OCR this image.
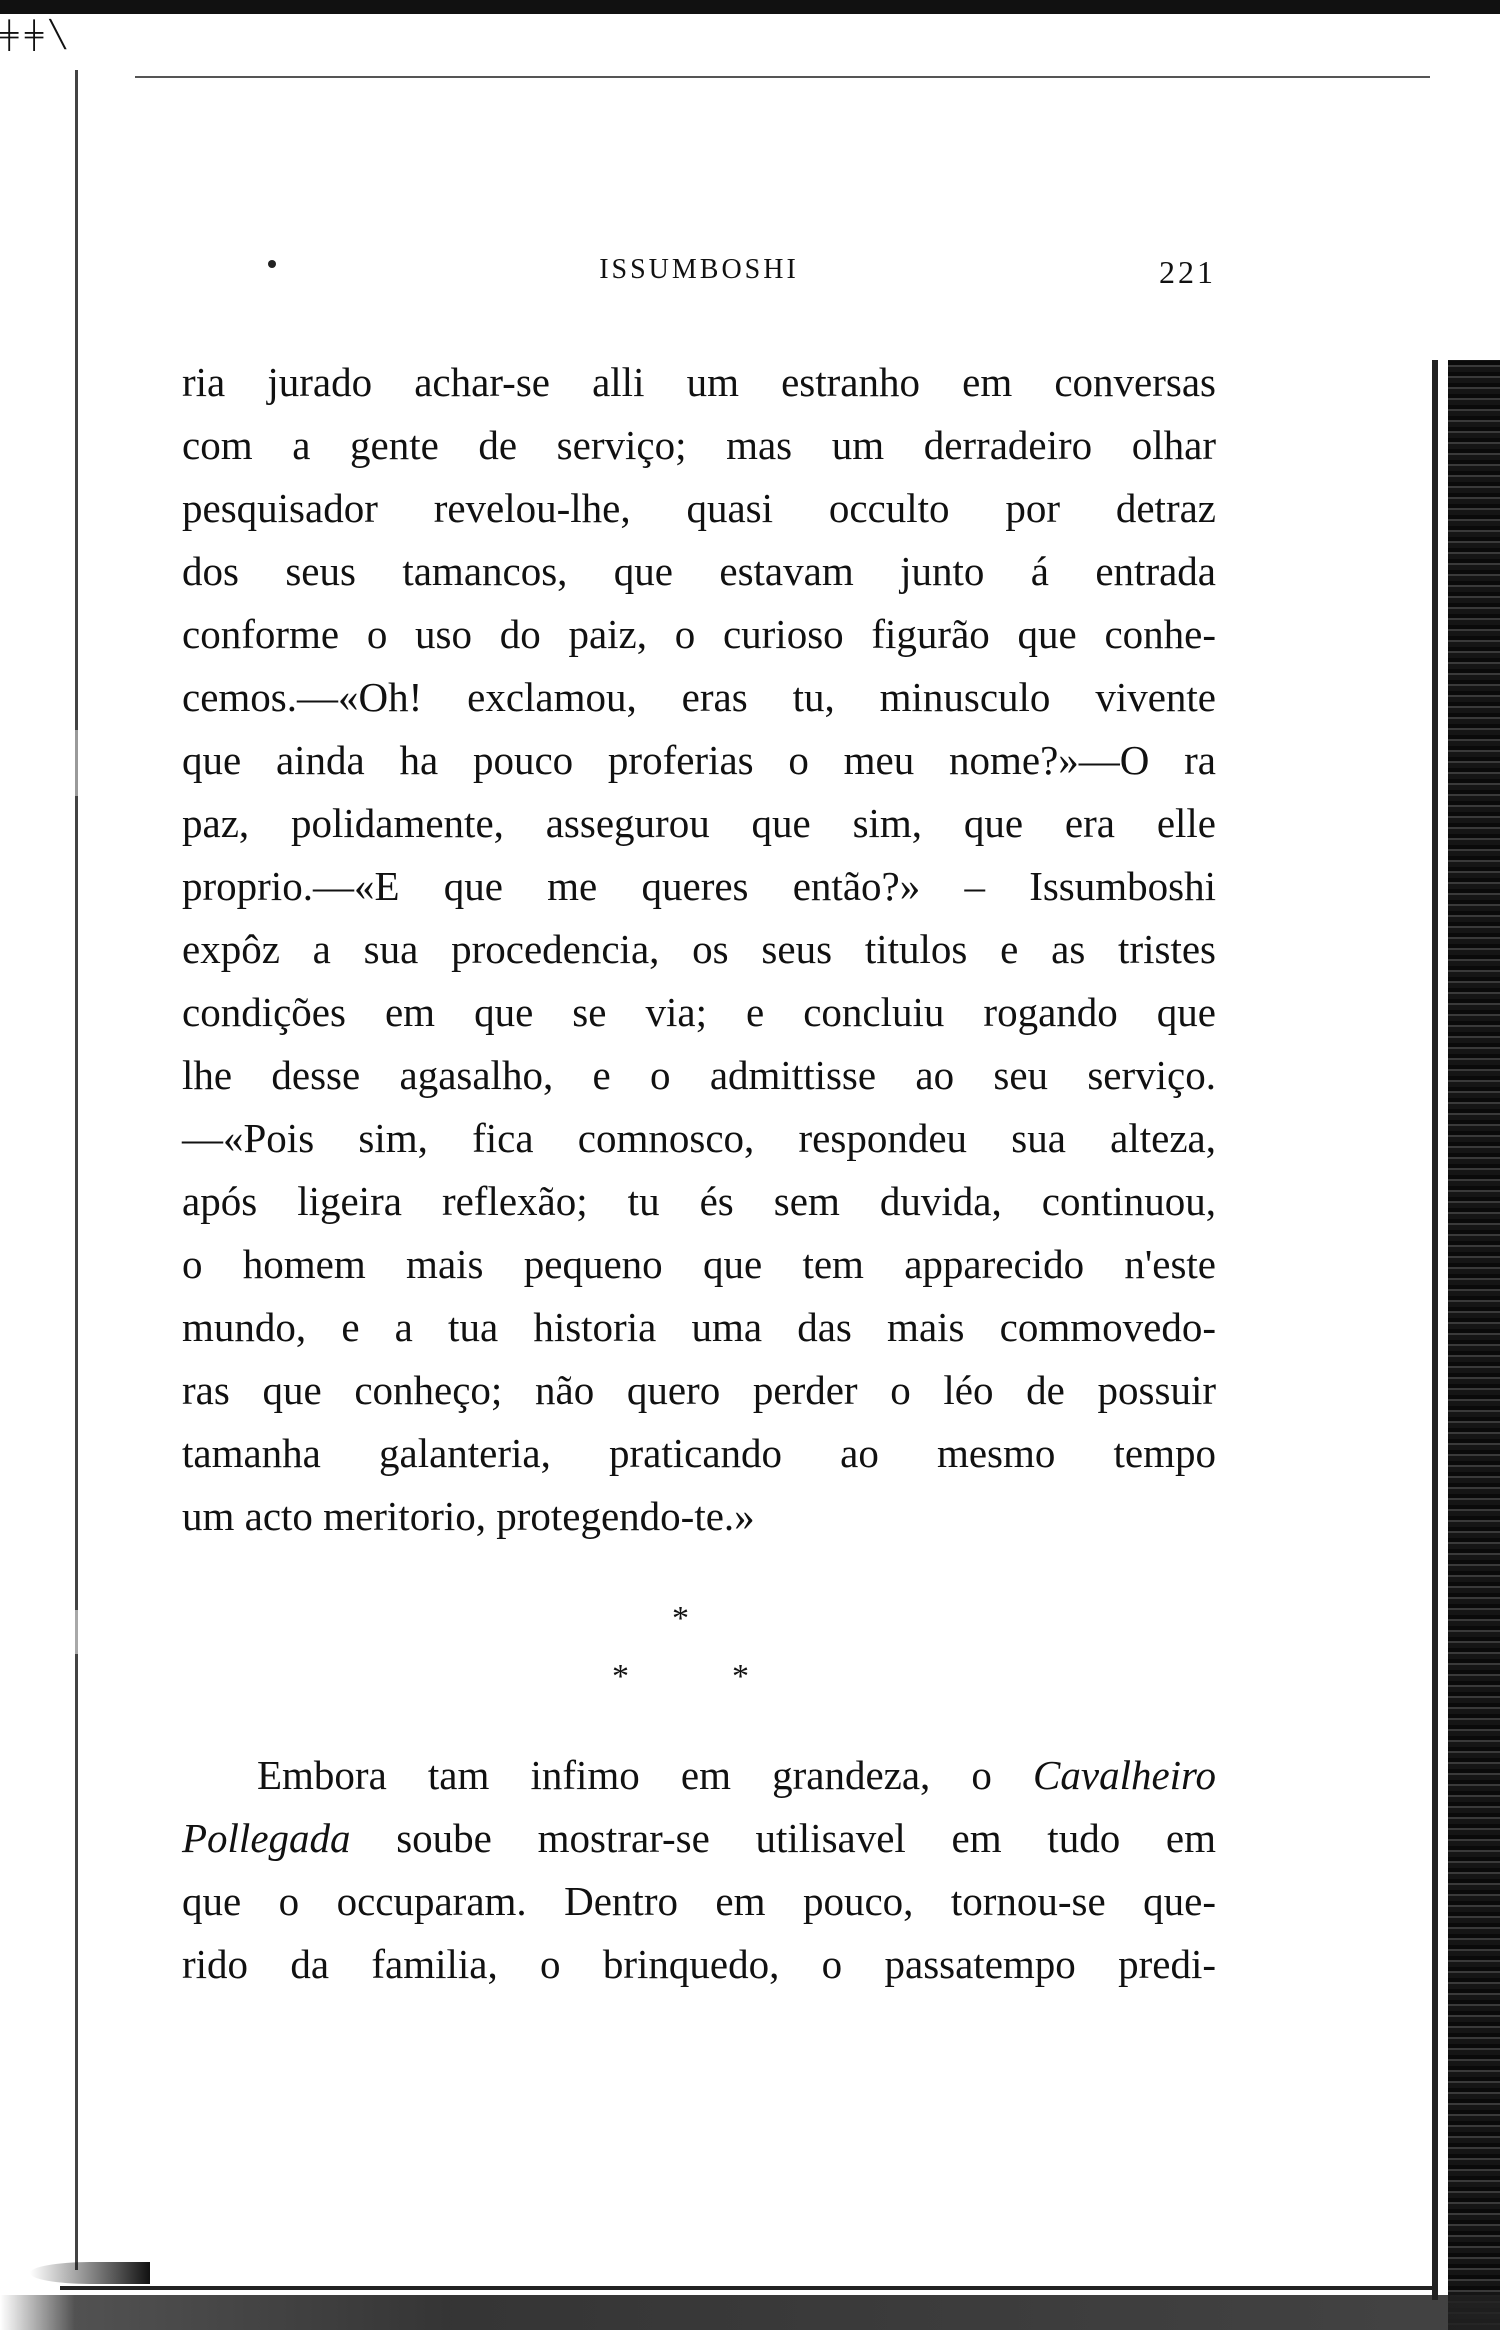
╪ ╪ ╲
ISSUMBOSHI	221
ria jurado achar-se alli um estranho em conversas
com a gente de serviço; mas um derradeiro olhar
pesquisador revelou-lhe, quasi occulto por detraz
dos seus tamancos, que estavam junto á entrada
conforme o uso do paiz, o curioso figurão que conhe-
cemos.—«Oh! exclamou, eras tu, minusculo vivente
que ainda ha pouco proferias o meu nome?»—O ra
paz, polidamente, assegurou que sim, que era elle
proprio.—«E que me queres então?» – Issumboshi
expôz a sua procedencia, os seus titulos e as tristes
condições em que se via; e concluiu rogando que
lhe desse agasalho, e o admittisse ao seu serviço.
—«Pois sim, fica comnosco, respondeu sua alteza,
após ligeira reflexão; tu és sem duvida, continuou,
o homem mais pequeno que tem apparecido n'este
mundo, e a tua historia uma das mais commovedo-
ras que conheço; não quero perder o léo de possuir
tamanha galanteria, praticando ao mesmo tempo
um acto meritorio, protegendo-te.»
*
*	*
Embora tam infimo em grandeza, o Cavalheiro
Pollegada soube mostrar-se utilisavel em tudo em
que o occuparam. Dentro em pouco, tornou-se que-
rido da familia, o brinquedo, o passatempo predi-
